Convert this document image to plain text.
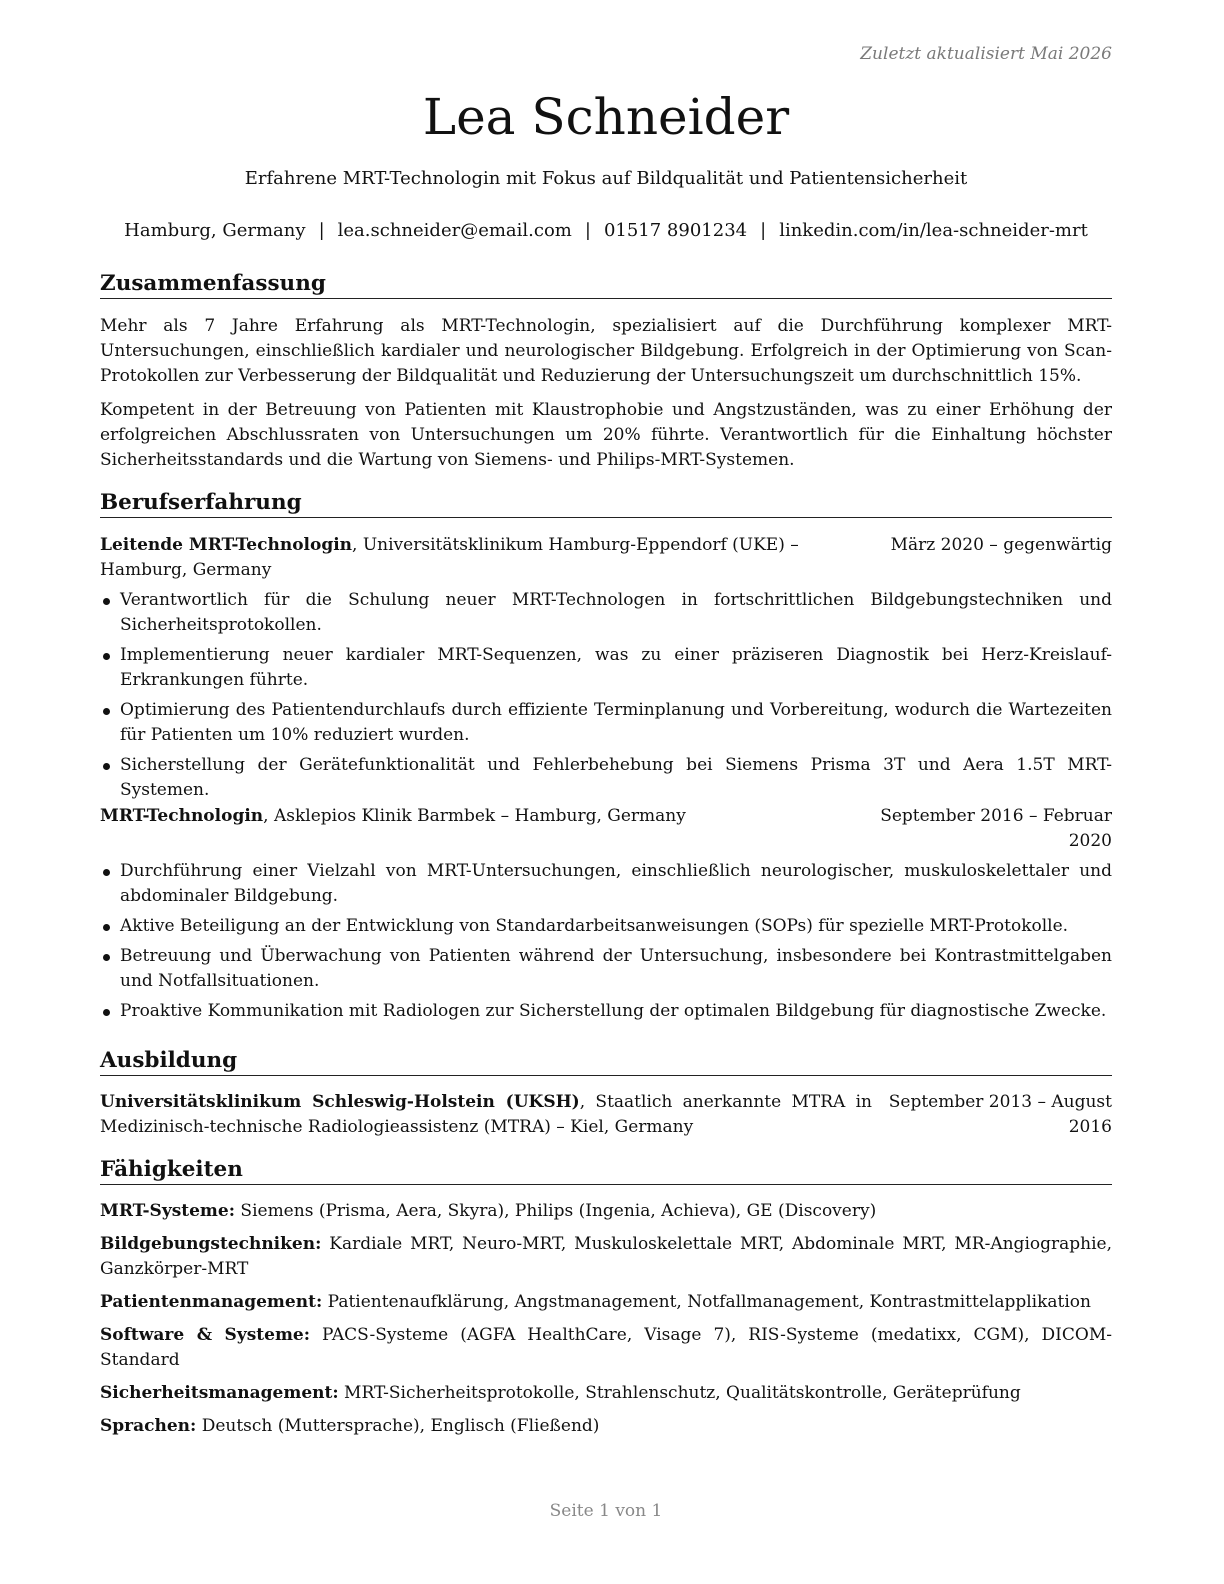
Zuletzt aktualisiert Mai 2026
Lea Schneider
Erfahrene MRT-Technologin mit Fokus auf Bildqualität und Patientensicherheit
Hamburg, Germany | lea.schneider@email.com | 01517 8901234 | linkedin.com/in/lea-schneider-mrt
Zusammenfassung

Mehr als 7 Jahre Erfahrung als MRT-Technologin, spezialisiert auf die Durchführung komplexer MRT-Untersuchungen, einschließlich kardialer und neurologischer Bildgebung. Erfolgreich in der Optimierung von Scan-Protokollen zur Verbesserung der Bildqualität und Reduzierung der Untersuchungszeit um durchschnittlich 15%.

Kompetent in der Betreuung von Patienten mit Klaustrophobie und Angstzuständen, was zu einer Erhöhung der erfolgreichen Abschlussraten von Untersuchungen um 20% führte. Verantwortlich für die Einhaltung höchster Sicherheitsstandards und die Wartung von Siemens- und Philips-MRT-Systemen.

Berufserfahrung
Leitende MRT-Technologin, Universitätsklinikum Hamburg-Eppendorf (UKE) – Hamburg, Germany
März 2020 – gegenwärtig
Verantwortlich für die Schulung neuer MRT-Technologen in fortschrittlichen Bildgebungstechniken und Sicherheitsprotokollen.
Implementierung neuer kardialer MRT-Sequenzen, was zu einer präziseren Diagnostik bei Herz-Kreislauf-Erkrankungen führte.
Optimierung des Patientendurchlaufs durch effiziente Terminplanung und Vorbereitung, wodurch die Wartezeiten für Patienten um 10% reduziert wurden.
Sicherstellung der Gerätefunktionalität und Fehlerbehebung bei Siemens Prisma 3T und Aera 1.5T MRT-Systemen.
MRT-Technologin, Asklepios Klinik Barmbek – Hamburg, Germany	September 2016 – Februar 2020
Durchführung einer Vielzahl von MRT-Untersuchungen, einschließlich neurologischer, muskuloskelettaler und abdominaler Bildgebung.
Aktive Beteiligung an der Entwicklung von Standardarbeitsanweisungen (SOPs) für spezielle MRT-Protokolle.
Betreuung und Überwachung von Patienten während der Untersuchung, insbesondere bei Kontrastmittelgaben und Notfallsituationen.
Proaktive Kommunikation mit Radiologen zur Sicherstellung der optimalen Bildgebung für diagnostische Zwecke.
Ausbildung
Universitätsklinikum Schleswig-Holstein (UKSH), Staatlich anerkannte MTRA in Medizinisch-technische Radiologieassistenz (MTRA) – Kiel, Germany
September 2013 – August 2016
Fähigkeiten

MRT-Systeme: Siemens (Prisma, Aera, Skyra), Philips (Ingenia, Achieva), GE (Discovery)

Bildgebungstechniken: Kardiale MRT, Neuro-MRT, Muskuloskelettale MRT, Abdominale MRT, MR-Angiographie, Ganzkörper-MRT

Patientenmanagement: Patientenaufklärung, Angstmanagement, Notfallmanagement, Kontrastmittelapplikation

Software & Systeme: PACS-Systeme (AGFA HealthCare, Visage 7), RIS-Systeme (medatixx, CGM), DICOM-Standard

Sicherheitsmanagement: MRT-Sicherheitsprotokolle, Strahlenschutz, Qualitätskontrolle, Geräteprüfung

Sprachen: Deutsch (Muttersprache), Englisch (Fließend)

Seite 1 von 1
